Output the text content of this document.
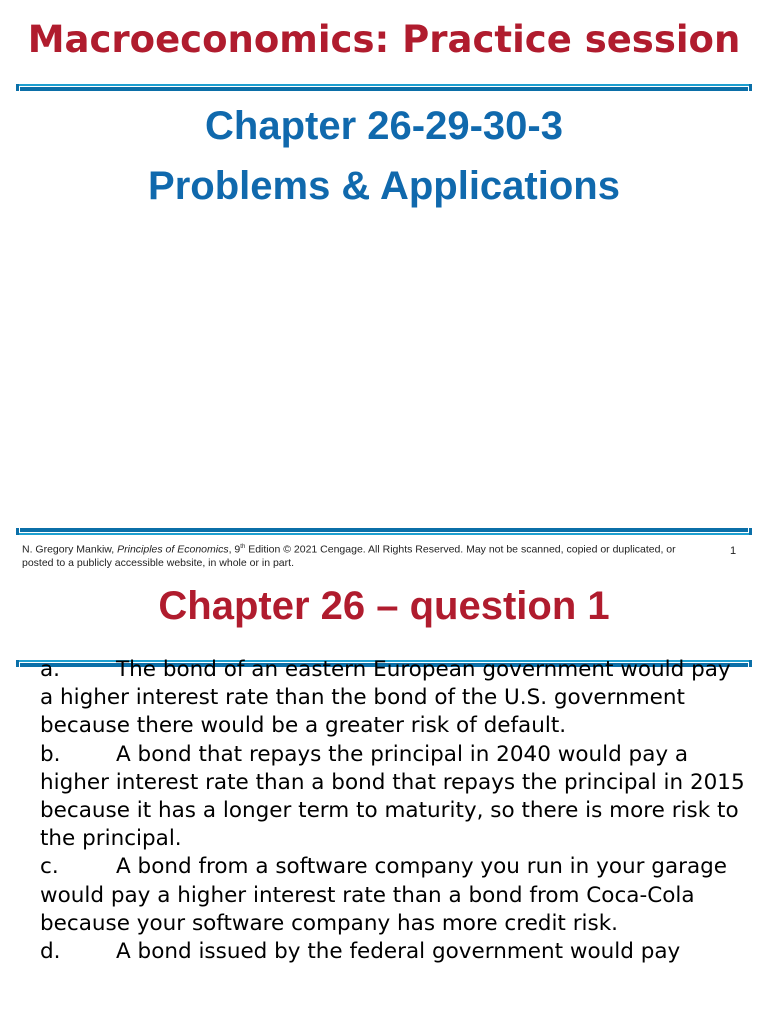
Macroeconomics: Practice session
Chapter 26-29-30-3
Problems & Applications
N. Gregory Mankiw, Principles of Economics, 9th Edition © 2021 Cengage. All Rights Reserved. May not be scanned, copied or duplicated, or posted to a publicly accessible website, in whole or in part.
1
Chapter 26 – question 1

a.	The bond of an eastern European government would pay a higher interest rate than the bond of the U.S. government because there would be a greater risk of default.

b.	A bond that repays the principal in 2040 would pay a higher interest rate than a bond that repays the principal in 2015 because it has a longer term to maturity, so there is more risk to the principal.

c.	A bond from a software company you run in your garage would pay a higher interest rate than a bond from Coca-Cola because your software company has more credit risk.

d.	A bond issued by the federal government would pay
